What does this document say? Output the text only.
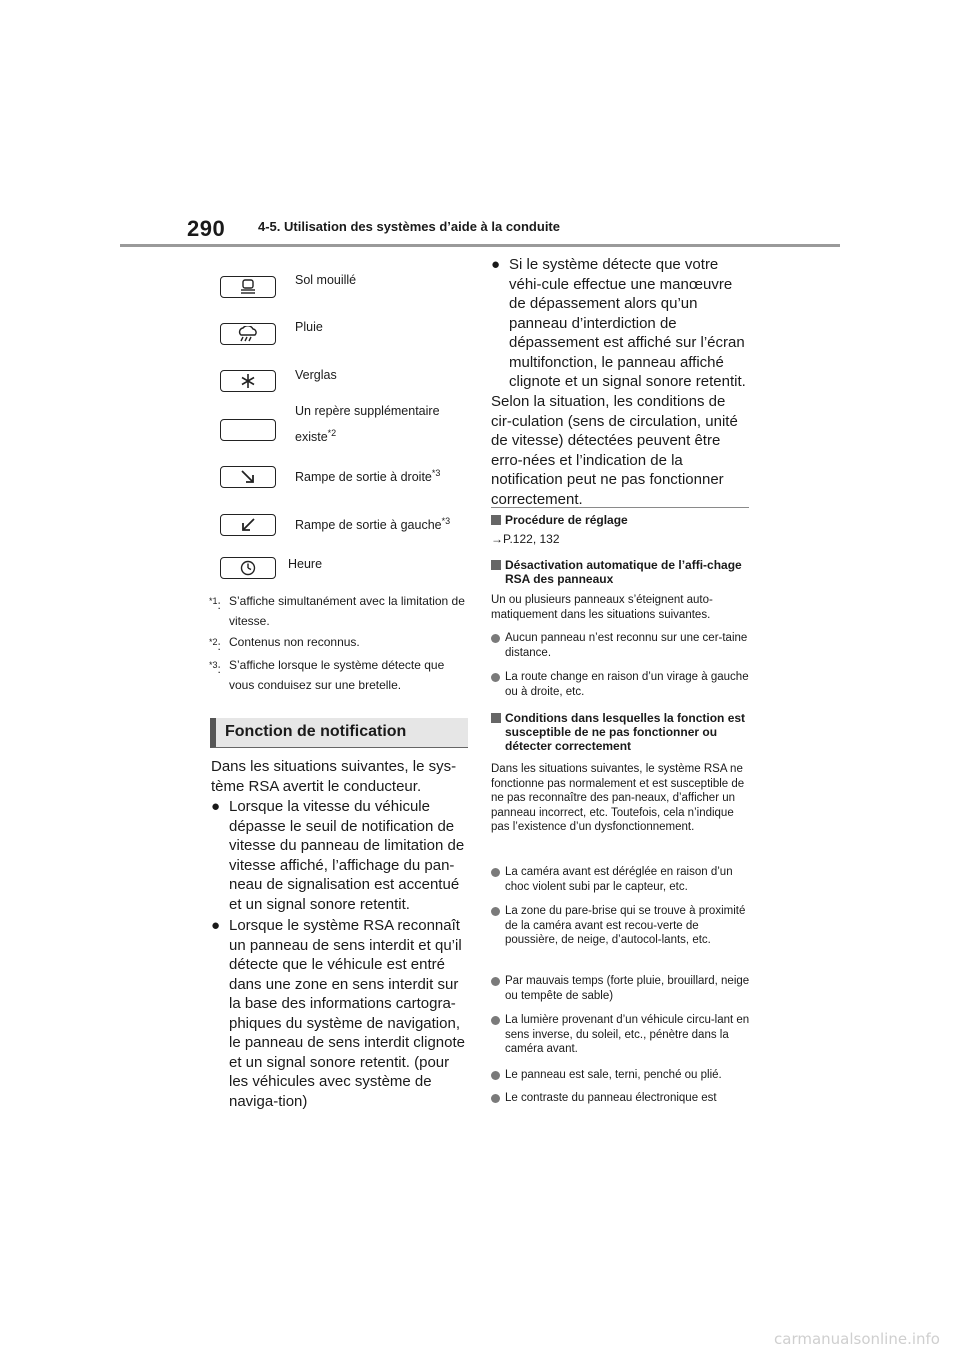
290	4-5. Utilisation des systèmes d’aide à la conduite
Sol mouillé
Pluie
Verglas
Un repère supplémentaire
existe$^{*2}$
Rampe de sortie à droite$^{*3}$
Rampe de sortie à gauche$^{*3}$
Heure
$^{*1}$: S’affiche simultanément avec la limitation de vitesse.
$^{*2}$: Contenus non reconnus.
$^{*3}$: S’affiche lorsque le système détecte que vous conduisez sur une bretelle.
Fonction de notification
Dans les situations suivantes, le sys-tème RSA avertit le conducteur.
● Lorsque la vitesse du véhicule dépasse le seuil de notification de vitesse du panneau de limitation de vitesse affiché, l’affichage du pan-neau de signalisation est accentué et un signal sonore retentit.
● Lorsque le système RSA reconnaît un panneau de sens interdit et qu’il détecte que le véhicule est entré dans une zone en sens interdit sur la base des informations cartogra-phiques du système de navigation, le panneau de sens interdit clignote et un signal sonore retentit. (pour les véhicules avec système de naviga-tion)
● Si le système détecte que votre véhi-cule effectue une manœuvre de dépassement alors qu’un panneau d’interdiction de dépassement est affiché sur l’écran multifonction, le panneau affiché clignote et un signal sonore retentit.
Selon la situation, les conditions de cir-culation (sens de circulation, unité de vitesse) détectées peuvent être erro-nées et l’indication de la notification peut ne pas fonctionner correctement.
Procédure de réglage
→P.122, 132
Désactivation automatique de l’affi-chage RSA des panneaux
Un ou plusieurs panneaux s’éteignent auto-matiquement dans les situations suivantes.
Aucun panneau n’est reconnu sur une cer-taine distance.
La route change en raison d’un virage à gauche ou à droite, etc.
Conditions dans lesquelles la fonction est susceptible de ne pas fonctionner ou détecter correctement
Dans les situations suivantes, le système RSA ne fonctionne pas normalement et est susceptible de ne pas reconnaître des pan-neaux, d’afficher un panneau incorrect, etc. Toutefois, cela n’indique pas l’existence d’un dysfonctionnement.
La caméra avant est déréglée en raison d’un choc violent subi par le capteur, etc.
La zone du pare-brise qui se trouve à proximité de la caméra avant est recou-verte de poussière, de neige, d’autocol-lants, etc.
Par mauvais temps (forte pluie, brouillard, neige ou tempête de sable)
La lumière provenant d’un véhicule circu-lant en sens inverse, du soleil, etc., pénètre dans la caméra avant.
Le panneau est sale, terni, penché ou plié.
Le contraste du panneau électronique est
carmanualsonline.info
